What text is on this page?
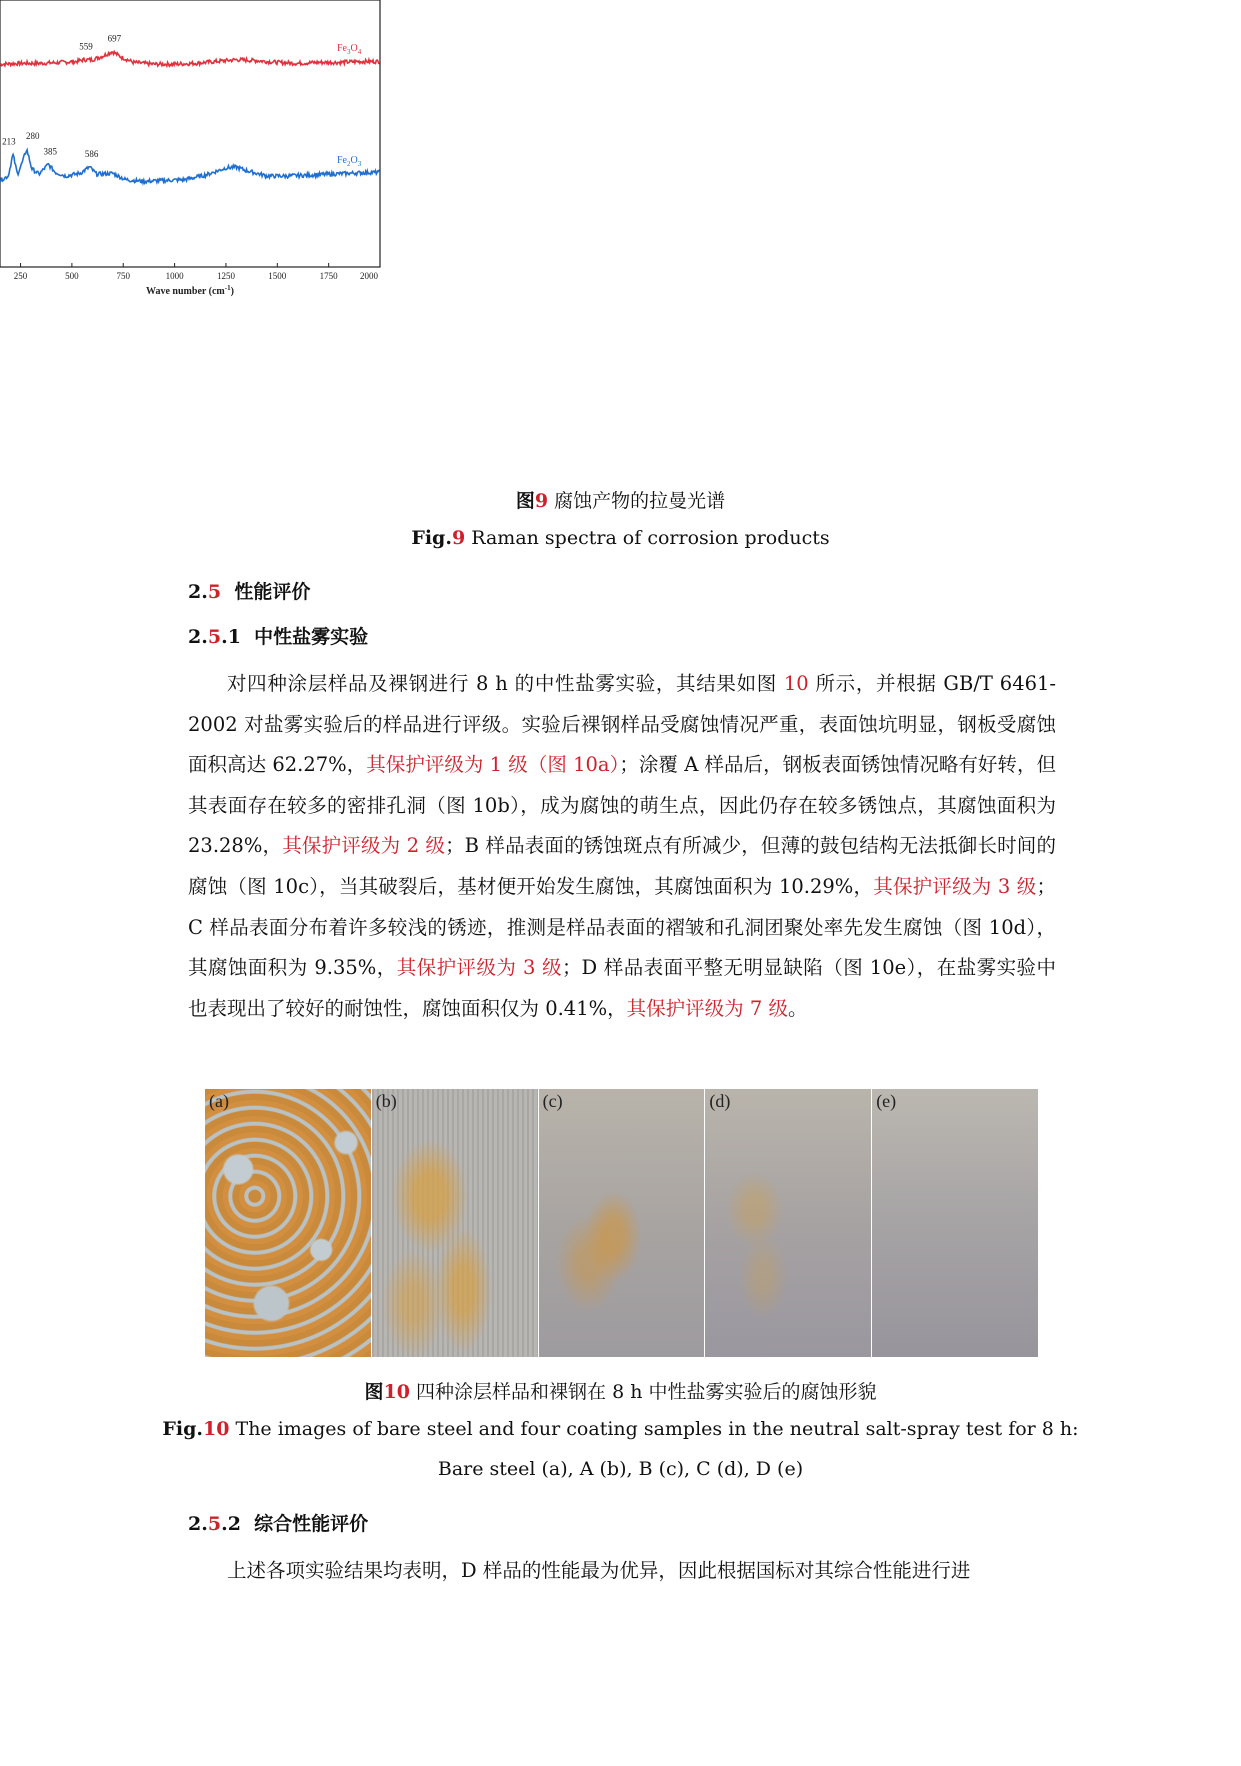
559
697
213
280
385	586
250	500	750	1000	1250	1500	1750 2000
Wave number $(cm^{-1})$
$Fe_3O_4$
$Fe_2O_3$
图9 腐蚀产物的拉曼光谱
Fig.9 Raman spectra of corrosion products
2.5 性能评价
2.5.1 中性盐雾实验

对四种涂层样品及裸钢进行 8 h 的中性盐雾实验，其结果如图 10 所示，并根据 GB/T 6461-2002 对盐雾实验后的样品进行评级。实验后裸钢样品受腐蚀情况严重，表面蚀坑明显，钢板受腐蚀面积高达 62.27%，其保护评级为 1 级（图 10a）；涂覆 A 样品后，钢板表面锈蚀情况略有好转，但其表面存在较多的密排孔洞（图 10b），成为腐蚀的萌生点，因此仍存在较多锈蚀点，其腐蚀面积为 23.28%，其保护评级为 2 级；B 样品表面的锈蚀斑点有所减少，但薄的鼓包结构无法抵御长时间的腐蚀（图 10c），当其破裂后，基材便开始发生腐蚀，其腐蚀面积为 10.29%，其保护评级为 3 级；C 样品表面分布着许多较浅的锈迹，推测是样品表面的褶皱和孔洞团聚处率先发生腐蚀（图 10d），其腐蚀面积为 9.35%，其保护评级为 3 级；D 样品表面平整无明显缺陷（图 10e），在盐雾实验中也表现出了较好的耐蚀性，腐蚀面积仅为 0.41%，其保护评级为 7 级。

(a)	(b)	(c)	(d)	(e)
图10 四种涂层样品和裸钢在 8 h 中性盐雾实验后的腐蚀形貌
Fig.10 The images of bare steel and four coating samples in the neutral salt-spray test for 8 h:
Bare steel (a), A (b), B (c), C (d), D (e)
2.5.2 综合性能评价

上述各项实验结果均表明，D 样品的性能最为优异，因此根据国标对其综合性能进行进
